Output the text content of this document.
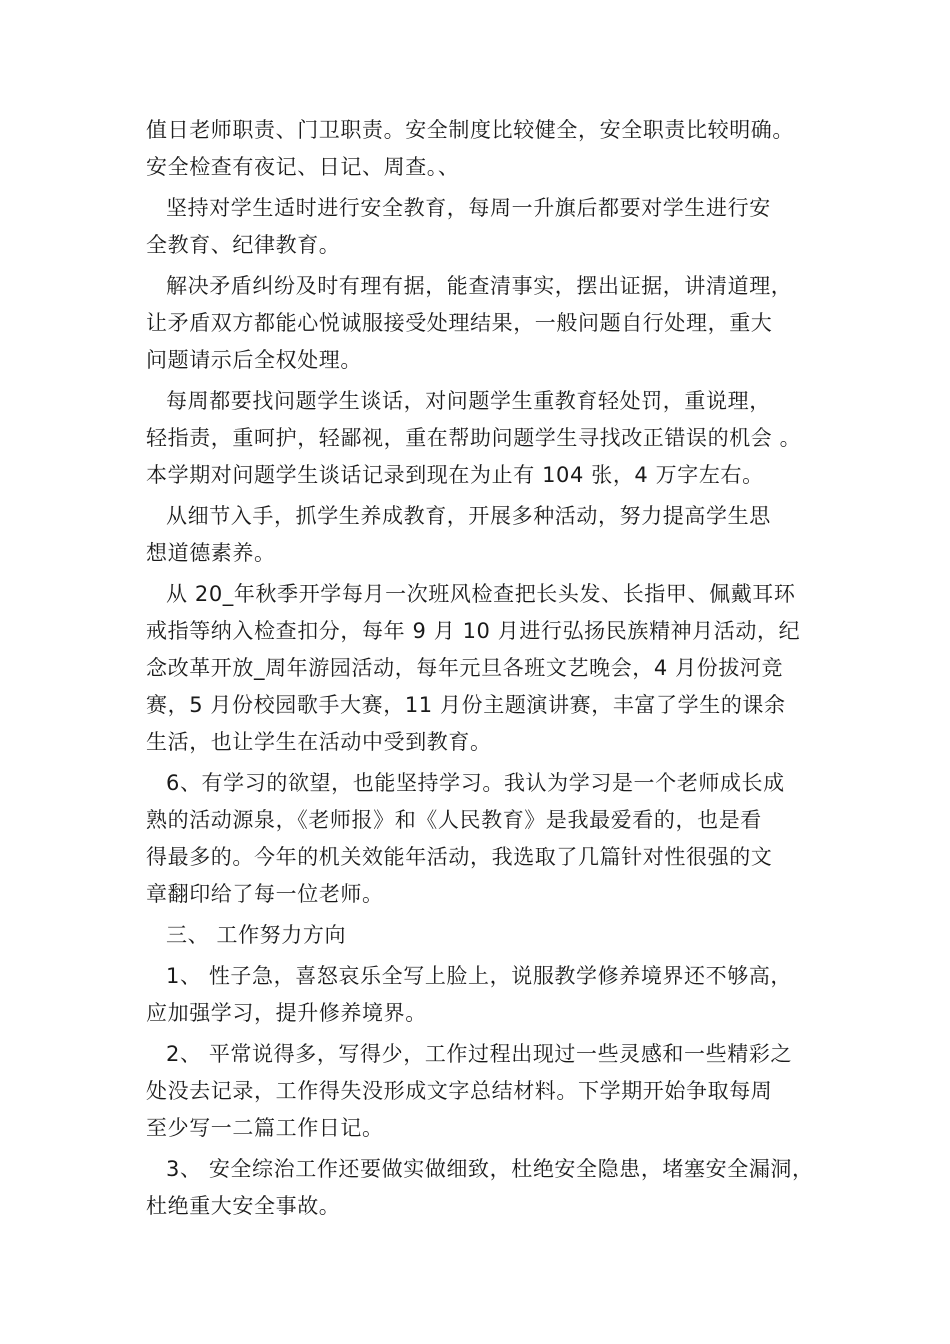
值日老师职责、门卫职责。安全制度比较健全，安全职责比较明确。
安全检查有夜记、日记、周查。、
坚持对学生适时进行安全教育，每周一升旗后都要对学生进行安
全教育、纪律教育。
解决矛盾纠纷及时有理有据，能查清事实，摆出证据，讲清道理，
让矛盾双方都能心悦诚服接受处理结果，一般问题自行处理，重大
问题请示后全权处理。
每周都要找问题学生谈话，对问题学生重教育轻处罚，重说理，
轻指责，重呵护，轻鄙视，重在帮助问题学生寻找改正错误的机会 。
本学期对问题学生谈话记录到现在为止有 104 张，4 万字左右。
从细节入手，抓学生养成教育，开展多种活动，努力提高学生思
想道德素养。
从 20_年秋季开学每月一次班风检查把长头发、长指甲、佩戴耳环
戒指等纳入检查扣分，每年 9 月 10 月进行弘扬民族精神月活动，纪
念改革开放_周年游园活动，每年元旦各班文艺晚会，4 月份拔河竞
赛，5 月份校园歌手大赛，11 月份主题演讲赛，丰富了学生的课余
生活，也让学生在活动中受到教育。
6、有学习的欲望，也能坚持学习。我认为学习是一个老师成长成
熟的活动源泉，《老师报》和《人民教育》是我最爱看的，也是看
得最多的。今年的机关效能年活动，我选取了几篇针对性很强的文
章翻印给了每一位老师。
三、 工作努力方向
1、 性子急，喜怒哀乐全写上脸上，说服教学修养境界还不够高，
应加强学习，提升修养境界。
2、 平常说得多，写得少，工作过程出现过一些灵感和一些精彩之
处没去记录，工作得失没形成文字总结材料。下学期开始争取每周
至少写一二篇工作日记。
3、 安全综治工作还要做实做细致，杜绝安全隐患，堵塞安全漏洞，
杜绝重大安全事故。
